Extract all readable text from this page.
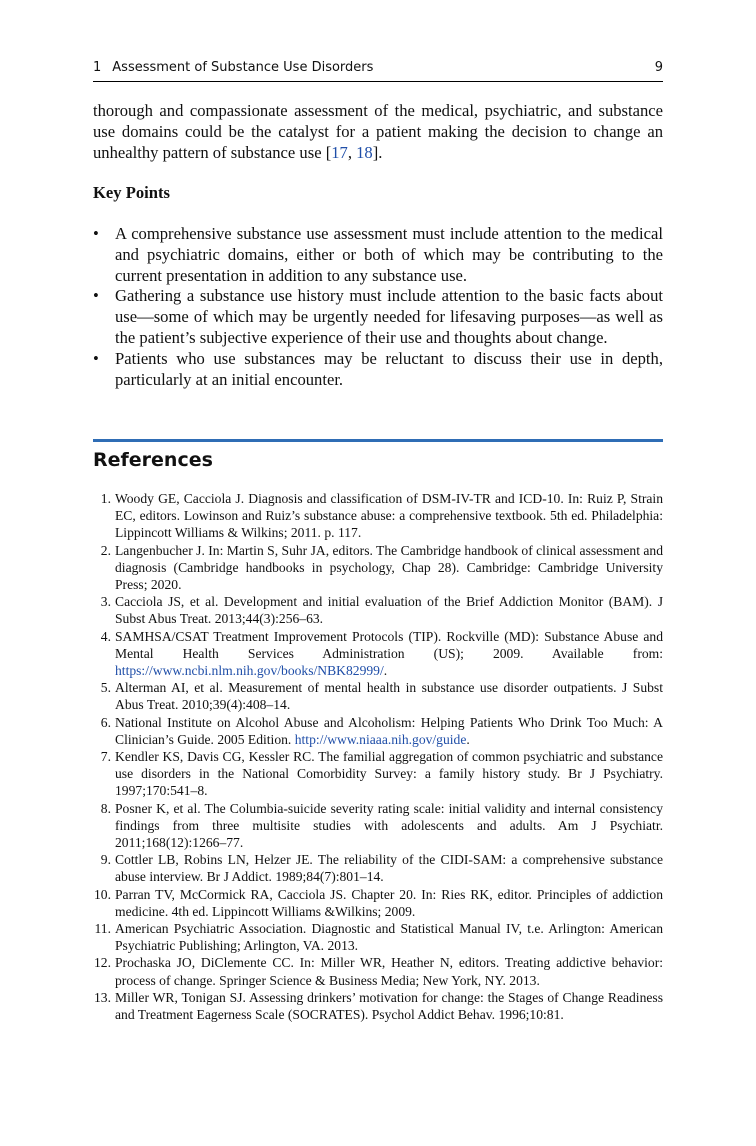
1 Assessment of Substance Use Disorders	9

thorough and compassionate assessment of the medical, psychiatric, and substance use domains could be the catalyst for a patient making the decision to change an unhealthy pattern of substance use [17, 18].

Key Points
• A comprehensive substance use assessment must include attention to the medical and psychiatric domains, either or both of which may be contributing to the current presentation in addition to any substance use.
• Gathering a substance use history must include attention to the basic facts about use—some of which may be urgently needed for lifesaving purposes—as well as the patient’s subjective experience of their use and thoughts about change.
• Patients who use substances may be reluctant to discuss their use in depth, particularly at an initial encounter.
References
1. Woody GE, Cacciola J. Diagnosis and classification of DSM-IV-TR and ICD-10. In: Ruiz P, Strain EC, editors. Lowinson and Ruiz’s substance abuse: a comprehensive textbook. 5th ed. Philadelphia: Lippincott Williams & Wilkins; 2011. p. 117.
2. Langenbucher J. In: Martin S, Suhr JA, editors. The Cambridge handbook of clinical assessment and diagnosis (Cambridge handbooks in psychology, Chap 28). Cambridge: Cambridge University Press; 2020.
3. Cacciola JS, et al. Development and initial evaluation of the Brief Addiction Monitor (BAM). J Subst Abus Treat. 2013;44(3):256–63.
4. SAMHSA/CSAT Treatment Improvement Protocols (TIP). Rockville (MD): Substance Abuse and Mental Health Services Administration (US); 2009. Available from: https://www.ncbi.nlm.nih.gov/books/NBK82999/.
5. Alterman AI, et al. Measurement of mental health in substance use disorder outpatients. J Subst Abus Treat. 2010;39(4):408–14.
6. National Institute on Alcohol Abuse and Alcoholism: Helping Patients Who Drink Too Much: A Clinician’s Guide. 2005 Edition. http://www.niaaa.nih.gov/guide.
7. Kendler KS, Davis CG, Kessler RC. The familial aggregation of common psychiatric and substance use disorders in the National Comorbidity Survey: a family history study. Br J Psychiatry. 1997;170:541–8.
8. Posner K, et al. The Columbia-suicide severity rating scale: initial validity and internal consistency findings from three multisite studies with adolescents and adults. Am J Psychiatr. 2011;168(12):1266–77.
9. Cottler LB, Robins LN, Helzer JE. The reliability of the CIDI-SAM: a comprehensive substance abuse interview. Br J Addict. 1989;84(7):801–14.
10. Parran TV, McCormick RA, Cacciola JS. Chapter 20. In: Ries RK, editor. Principles of addiction medicine. 4th ed. Lippincott Williams &Wilkins; 2009.
11. American Psychiatric Association. Diagnostic and Statistical Manual IV, t.e. Arlington: American Psychiatric Publishing; Arlington, VA. 2013.
12. Prochaska JO, DiClemente CC. In: Miller WR, Heather N, editors. Treating addictive behavior: process of change. Springer Science & Business Media; New York, NY. 2013.
13. Miller WR, Tonigan SJ. Assessing drinkers’ motivation for change: the Stages of Change Readiness and Treatment Eagerness Scale (SOCRATES). Psychol Addict Behav. 1996;10:81.
